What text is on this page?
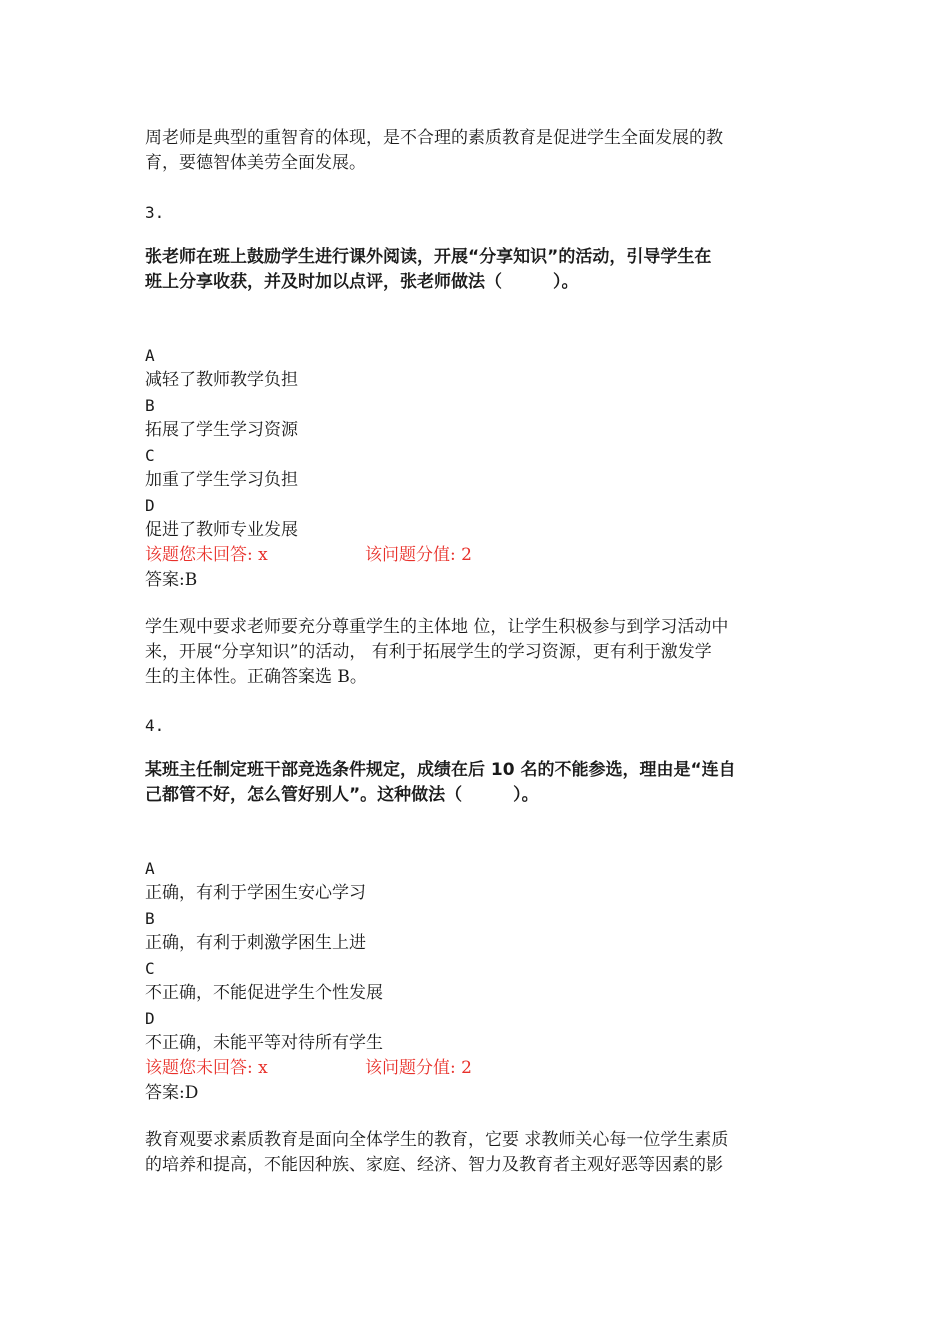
周老师是典型的重智育的体现，是不合理的素质教育是促进学生全面发展的教
育，要德智体美劳全面发展。
3.
张老师在班上鼓励学生进行课外阅读，开展“分享知识”的活动，引导学生在
班上分享收获，并及时加以点评，张老师做法（　　　）。
A
减轻了教师教学负担
B
拓展了学生学习资源
C
加重了学生学习负担
D
促进了教师专业发展
该题您未回答: x	该问题分值: 2
答案:B
学生观中要求老师要充分尊重学生的主体地 位，让学生积极参与到学习活动中
来，开展“分享知识”的活动， 有利于拓展学生的学习资源，更有利于激发学
生的主体性。正确答案选 B。
4.
某班主任制定班干部竞选条件规定，成绩在后 10 名的不能参选，理由是“连自
己都管不好，怎么管好别人”。这种做法（　　　）。
A
正确，有利于学困生安心学习
B
正确，有利于刺激学困生上进
C
不正确，不能促进学生个性发展
D
不正确，未能平等对待所有学生
该题您未回答: x	该问题分值: 2
答案:D
教育观要求素质教育是面向全体学生的教育，它要 求教师关心每一位学生素质
的培养和提高，不能因种族、家庭、经济、智力及教育者主观好恶等因素的影
